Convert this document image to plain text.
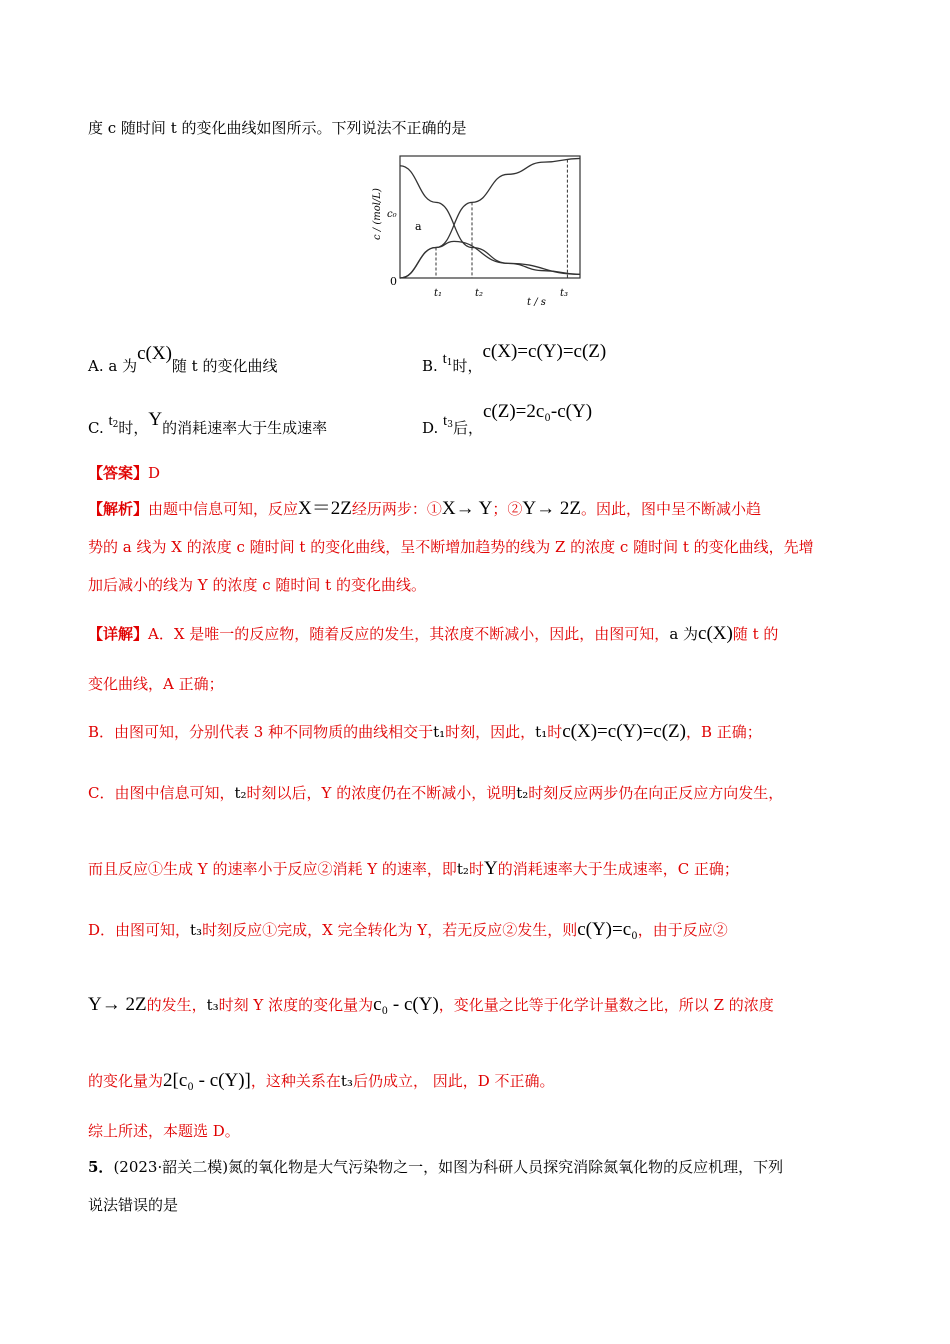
度 c 随时间 t 的变化曲线如图所示。下列说法不正确的是
c / (mol/L) c₀
0
a
t₁	t₂	t₃
t / s
A. a 为c(X)随 t 的变化曲线	B. $t_1$时，c(X)=c(Y)=c(Z)
C. $t_2$时，Y的消耗速率大于生成速率	D. $t_3$后，c(Z)=2c₀-c(Y)
【答案】D
【解析】由题中信息可知，反应X＝2Z经历两步：①X→ Y；②Y→ 2Z。因此，图中呈不断减小趋
势的 a 线为 X 的浓度 c 随时间 t 的变化曲线，呈不断增加趋势的线为 Z 的浓度 c 随时间 t 的变化曲线，先增
加后减小的线为 Y 的浓度 c 随时间 t 的变化曲线。
【详解】A．X 是唯一的反应物，随着反应的发生，其浓度不断减小，因此，由图可知，a 为c(X)随 t 的
变化曲线，A 正确；
B．由图可知，分别代表 3 种不同物质的曲线相交于t₁时刻，因此，t₁时c(X)=c(Y)=c(Z)，B 正确；
C．由图中信息可知，t₂时刻以后，Y 的浓度仍在不断减小，说明t₂时刻反应两步仍在向正反应方向发生，
而且反应①生成 Y 的速率小于反应②消耗 Y 的速率，即t₂时Y的消耗速率大于生成速率，C 正确；
D．由图可知，t₃时刻反应①完成，X 完全转化为 Y，若无反应②发生，则c(Y)=c₀，由于反应②
Y→ 2Z的发生，t₃时刻 Y 浓度的变化量为c₀ - c(Y)，变化量之比等于化学计量数之比，所以 Z 的浓度
的变化量为2[c₀ - c(Y)]，这种关系在t₃后仍成立， 因此，D 不正确。
综上所述，本题选 D。
5．(2023·韶关二模)氮的氧化物是大气污染物之一，如图为科研人员探究消除氮氧化物的反应机理，下列
说法错误的是
